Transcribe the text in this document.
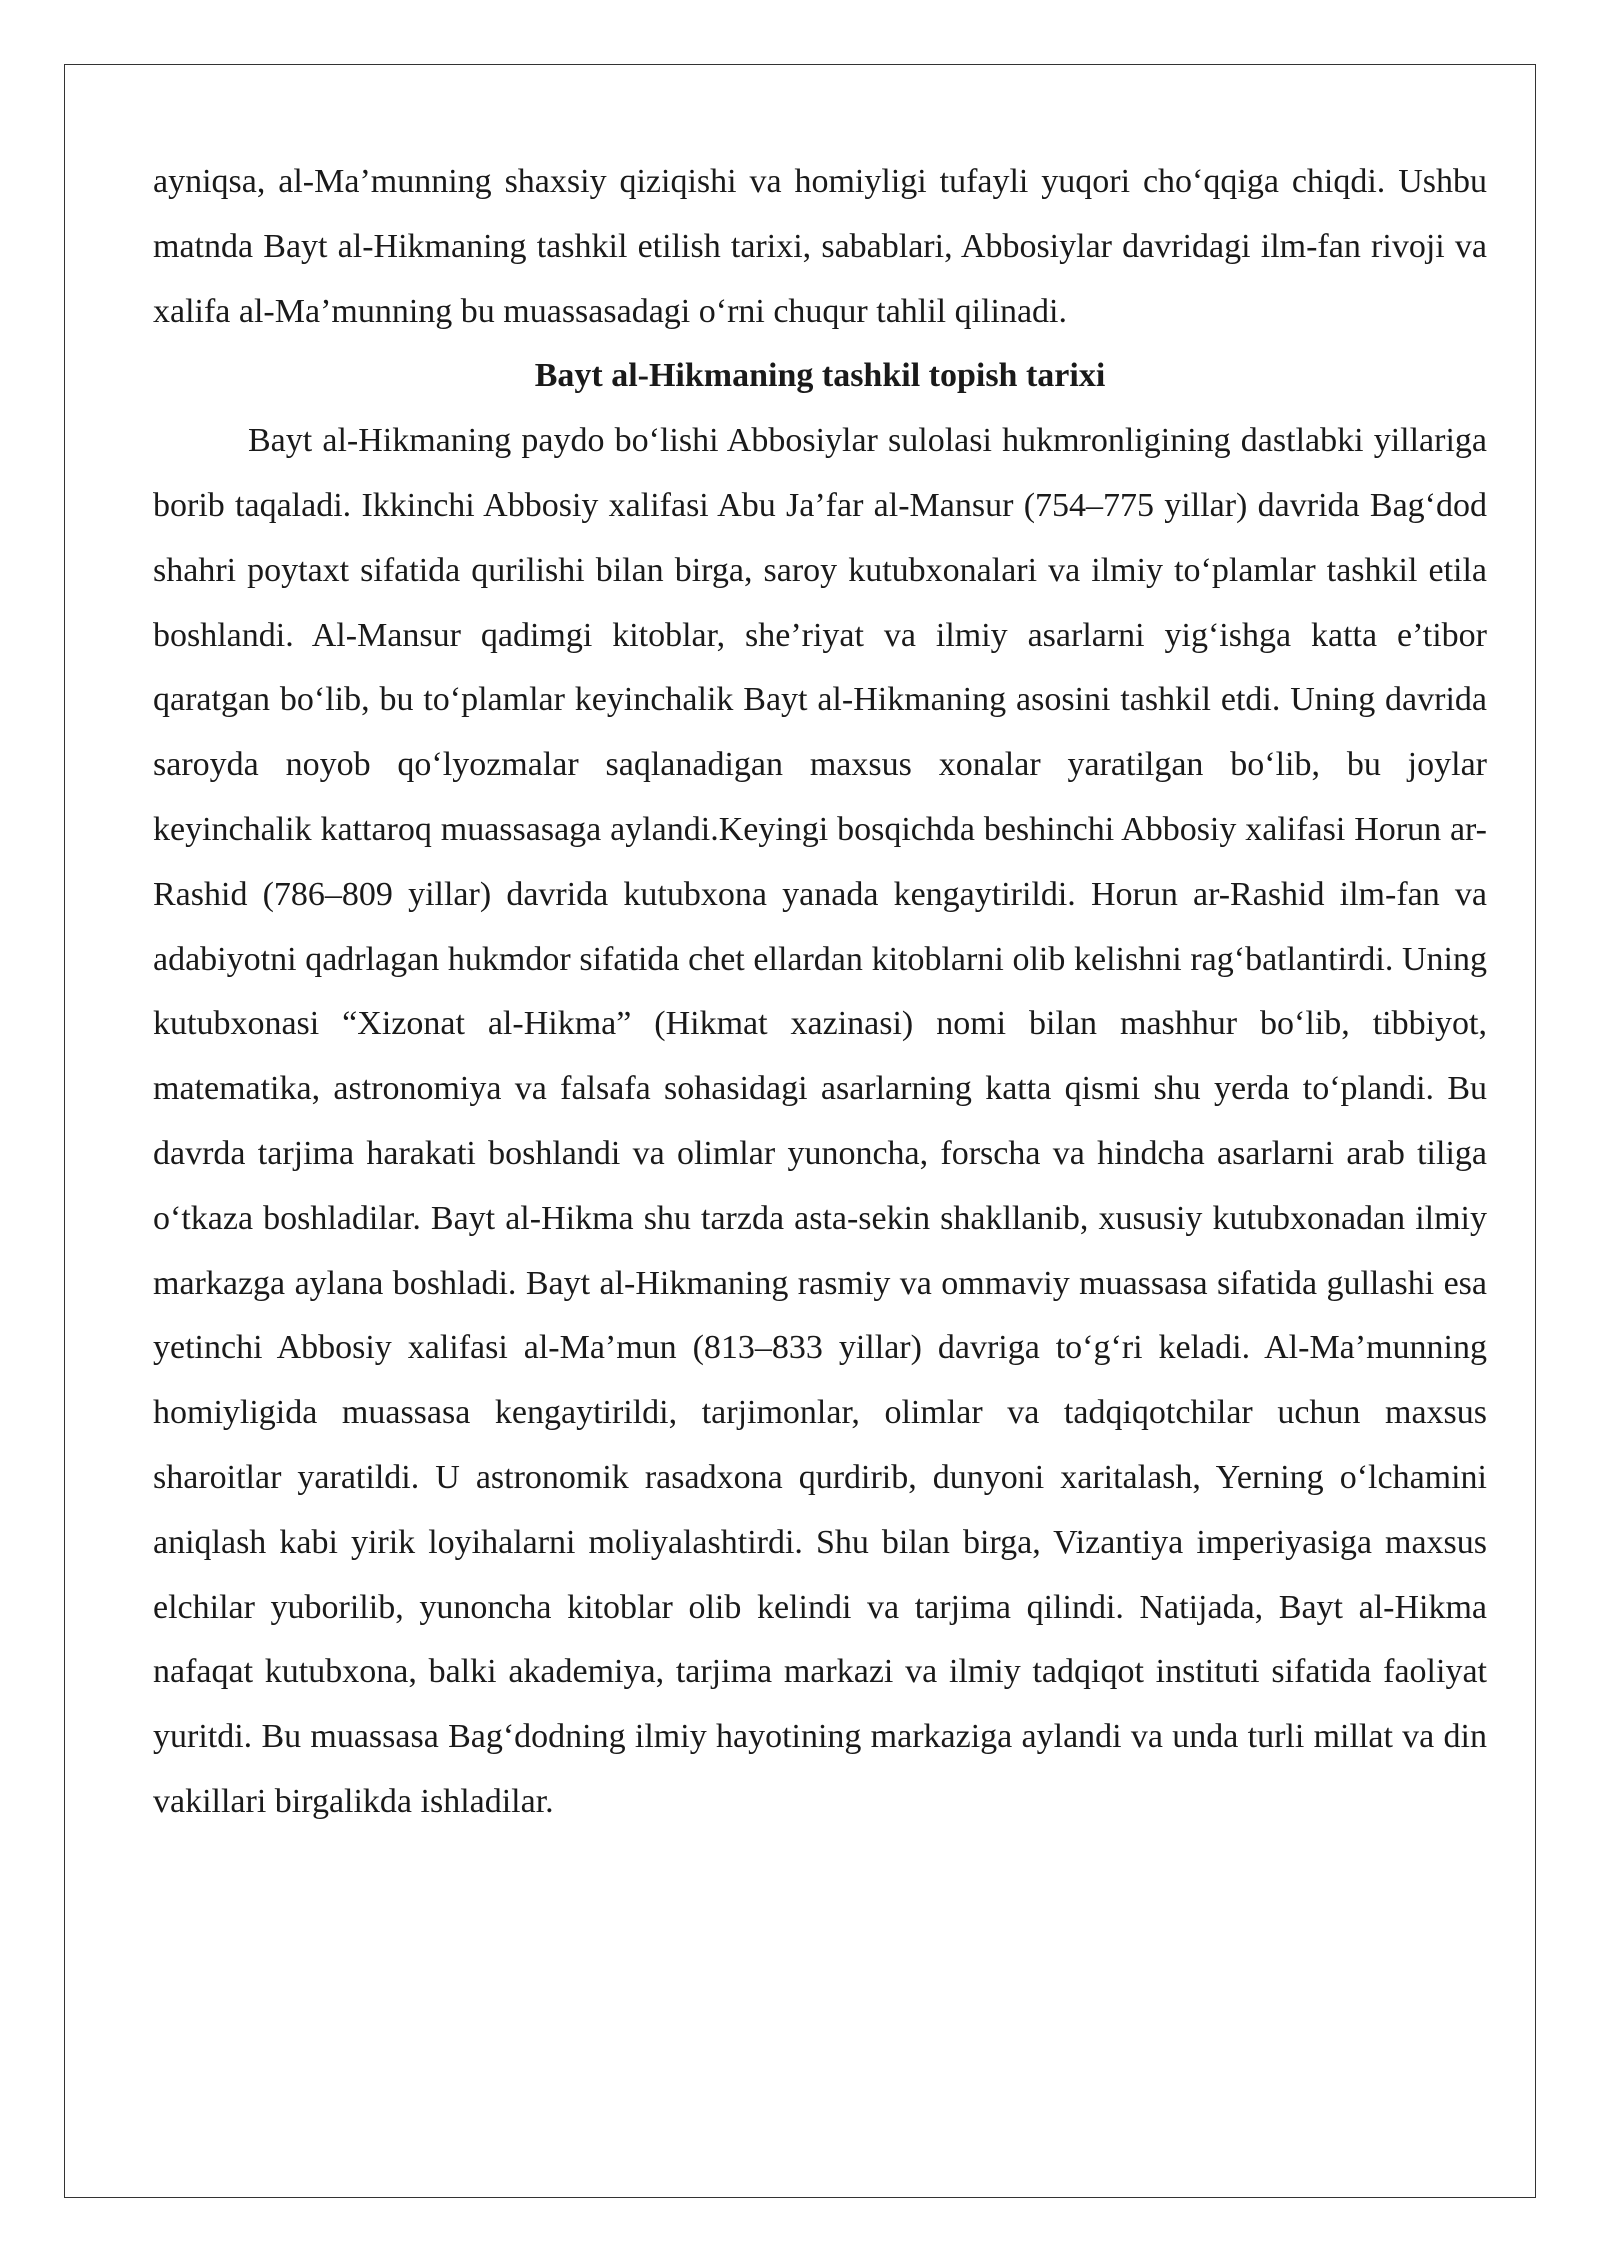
ayniqsa, al-Ma’munning shaxsiy qiziqishi va homiyligi tufayli yuqori cho‘qqiga chiqdi. Ushbu matnda Bayt al-Hikmaning tashkil etilish tarixi, sabablari, Abbosiylar davridagi ilm-fan rivoji va xalifa al-Ma’munning bu muassasadagi o‘rni chuqur tahlil qilinadi.

Bayt al-Hikmaning tashkil topish tarixi

Bayt al-Hikmaning paydo bo‘lishi Abbosiylar sulolasi hukmronligining dastlabki yillariga borib taqaladi. Ikkinchi Abbosiy xalifasi Abu Ja’far al-Mansur (754–775 yillar) davrida Bag‘dod shahri poytaxt sifatida qurilishi bilan birga, saroy kutubxonalari va ilmiy to‘plamlar tashkil etila boshlandi. Al-Mansur qadimgi kitoblar, she’riyat va ilmiy asarlarni yig‘ishga katta e’tibor qaratgan bo‘lib, bu to‘plamlar keyinchalik Bayt al-Hikmaning asosini tashkil etdi. Uning davrida saroyda noyob qo‘lyozmalar saqlanadigan maxsus xonalar yaratilgan bo‘lib, bu joylar keyinchalik kattaroq muassasaga aylandi.Keyingi bosqichda beshinchi Abbosiy xalifasi Horun ar-Rashid (786–809 yillar) davrida kutubxona yanada kengaytirildi. Horun ar-Rashid ilm-fan va adabiyotni qadrlagan hukmdor sifatida chet ellardan kitoblarni olib kelishni rag‘batlantirdi. Uning kutubxonasi “Xizonat al-Hikma” (Hikmat xazinasi) nomi bilan mashhur bo‘lib, tibbiyot, matematika, astronomiya va falsafa sohasidagi asarlarning katta qismi shu yerda to‘plandi. Bu davrda tarjima harakati boshlandi va olimlar yunoncha, forscha va hindcha asarlarni arab tiliga o‘tkaza boshladilar. Bayt al-Hikma shu tarzda asta-sekin shakllanib, xususiy kutubxonadan ilmiy markazga aylana boshladi. Bayt al-Hikmaning rasmiy va ommaviy muassasa sifatida gullashi esa yetinchi Abbosiy xalifasi al-Ma’mun (813–833 yillar) davriga to‘g‘ri keladi. Al-Ma’munning homiyligida muassasa kengaytirildi, tarjimonlar, olimlar va tadqiqotchilar uchun maxsus sharoitlar yaratildi. U astronomik rasadxona qurdirib, dunyoni xaritalash, Yerning o‘lchamini aniqlash kabi yirik loyihalarni moliyalashtirdi. Shu bilan birga, Vizantiya imperiyasiga maxsus elchilar yuborilib, yunoncha kitoblar olib kelindi va tarjima qilindi. Natijada, Bayt al-Hikma nafaqat kutubxona, balki akademiya, tarjima markazi va ilmiy tadqiqot instituti sifatida faoliyat yuritdi. Bu muassasa Bag‘dodning ilmiy hayotining markaziga aylandi va unda turli millat va din vakillari birgalikda ishladilar.
